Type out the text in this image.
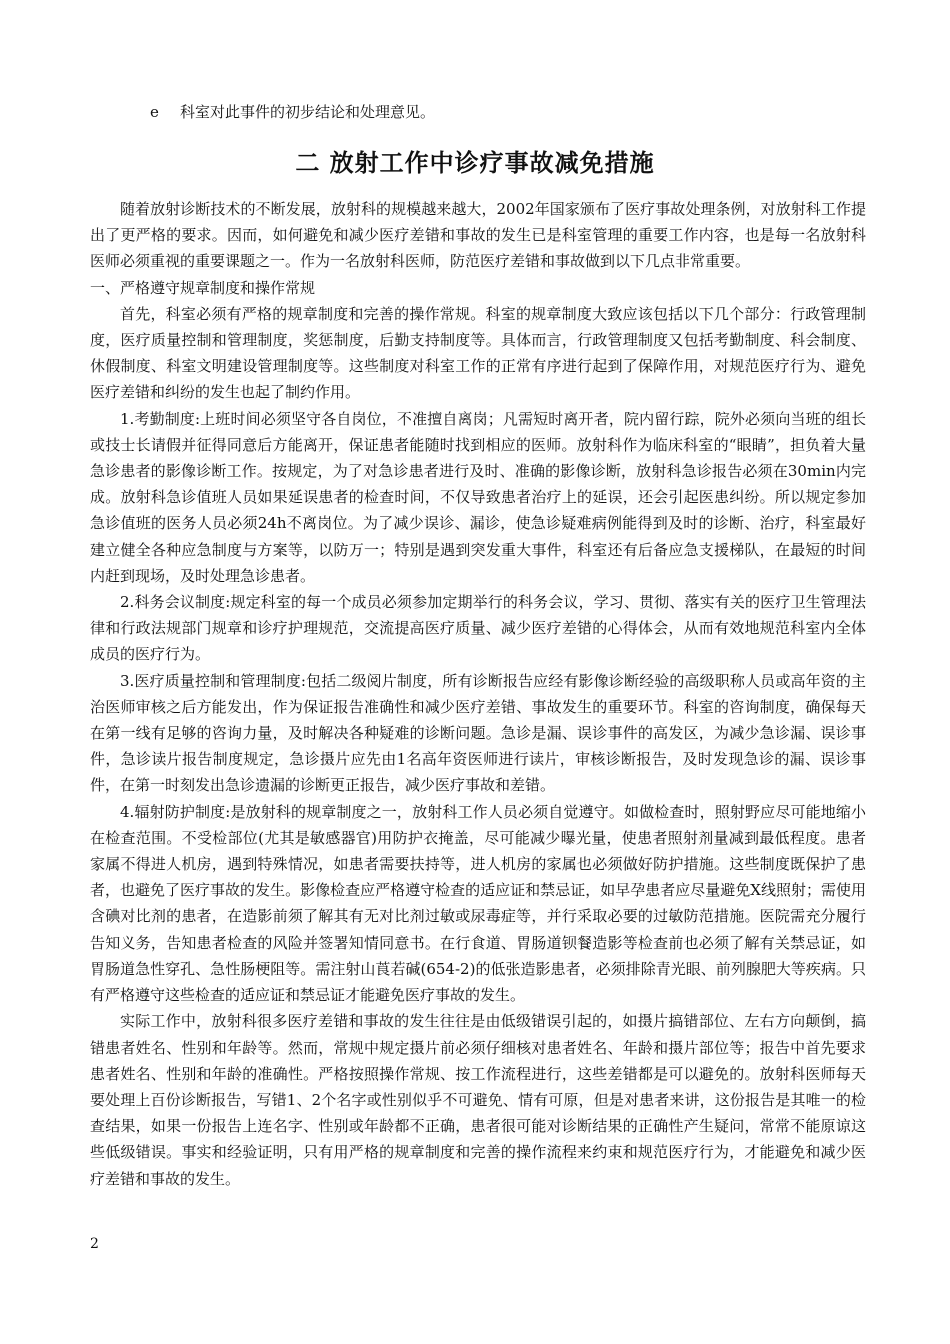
e 科室对此事件的初步结论和处理意见。
二 放射工作中诊疗事故减免措施

随着放射诊断技术的不断发展，放射科的规模越来越大，2002年国家颁布了医疗事故处理条例，对放射科工作提出了更严格的要求。因而，如何避免和减少医疗差错和事故的发生已是科室管理的重要工作内容，也是每一名放射科医师必须重视的重要课题之一。作为一名放射科医师，防范医疗差错和事故做到以下几点非常重要。

一、严格遵守规章制度和操作常规

首先，科室必须有严格的规章制度和完善的操作常规。科室的规章制度大致应该包括以下几个部分：行政管理制度，医疗质量控制和管理制度，奖惩制度，后勤支持制度等。具体而言，行政管理制度又包括考勤制度、科会制度、休假制度、科室文明建设管理制度等。这些制度对科室工作的正常有序进行起到了保障作用，对规范医疗行为、避免医疗差错和纠纷的发生也起了制约作用。

1.考勤制度:上班时间必须坚守各自岗位，不准擅自离岗；凡需短时离开者，院内留行踪，院外必须向当班的组长或技士长请假并征得同意后方能离开，保证患者能随时找到相应的医师。放射科作为临床科室的“眼睛”，担负着大量急诊患者的影像诊断工作。按规定，为了对急诊患者进行及时、准确的影像诊断，放射科急诊报告必须在30min内完成。放射科急诊值班人员如果延误患者的检查时间，不仅导致患者治疗上的延误，还会引起医患纠纷。所以规定参加急诊值班的医务人员必须24h不离岗位。为了减少误诊、漏诊，使急诊疑难病例能得到及时的诊断、治疗，科室最好建立健全各种应急制度与方案等，以防万一；特别是遇到突发重大事件，科室还有后备应急支援梯队，在最短的时间内赶到现场，及时处理急诊患者。

2.科务会议制度:规定科室的每一个成员必须参加定期举行的科务会议，学习、贯彻、落实有关的医疗卫生管理法律和行政法规部门规章和诊疗护理规范，交流提高医疗质量、减少医疗差错的心得体会，从而有效地规范科室内全体成员的医疗行为。

3.医疗质量控制和管理制度:包括二级阅片制度，所有诊断报告应经有影像诊断经验的高级职称人员或高年资的主治医师审核之后方能发出，作为保证报告准确性和减少医疗差错、事故发生的重要环节。科室的咨询制度，确保每天在第一线有足够的咨询力量，及时解决各种疑难的诊断问题。急诊是漏、误诊事件的高发区，为减少急诊漏、误诊事件，急诊读片报告制度规定，急诊摄片应先由1名高年资医师进行读片，审核诊断报告，及时发现急诊的漏、误诊事件，在第一时刻发出急诊遗漏的诊断更正报告，减少医疗事故和差错。

4.辐射防护制度:是放射科的规章制度之一，放射科工作人员必须自觉遵守。如做检查时，照射野应尽可能地缩小在检查范围。不受检部位(尤其是敏感器官)用防护衣掩盖，尽可能减少曝光量，使患者照射剂量减到最低程度。患者家属不得进人机房，遇到特殊情况，如患者需要扶持等，进人机房的家属也必须做好防护措施。这些制度既保护了患者，也避免了医疗事故的发生。影像检查应严格遵守检查的适应证和禁忌证，如早孕患者应尽量避免X线照射；需使用含碘对比剂的患者，在造影前须了解其有无对比剂过敏或尿毒症等，并行采取必要的过敏防范措施。医院需充分履行告知义务，告知患者检查的风险并签署知情同意书。在行食道、胃肠道钡餐造影等检查前也必须了解有关禁忌证，如胃肠道急性穿孔、急性肠梗阻等。需注射山莨若碱(654-2)的低张造影患者，必须排除青光眼、前列腺肥大等疾病。只有严格遵守这些检查的适应证和禁忌证才能避免医疗事故的发生。

实际工作中，放射科很多医疗差错和事故的发生往往是由低级错误引起的，如摄片搞错部位、左右方向颠倒，搞错患者姓名、性别和年龄等。然而，常规中规定摄片前必须仔细核对患者姓名、年龄和摄片部位等；报告中首先要求患者姓名、性别和年龄的准确性。严格按照操作常规、按工作流程进行，这些差错都是可以避免的。放射科医师每天要处理上百份诊断报告，写错1、2个名字或性别似乎不可避免、情有可原，但是对患者来讲，这份报告是其唯一的检查结果，如果一份报告上连名字、性别或年龄都不正确，患者很可能对诊断结果的正确性产生疑问，常常不能原谅这些低级错误。事实和经验证明，只有用严格的规章制度和完善的操作流程来约束和规范医疗行为，才能避免和减少医疗差错和事故的发生。

2
